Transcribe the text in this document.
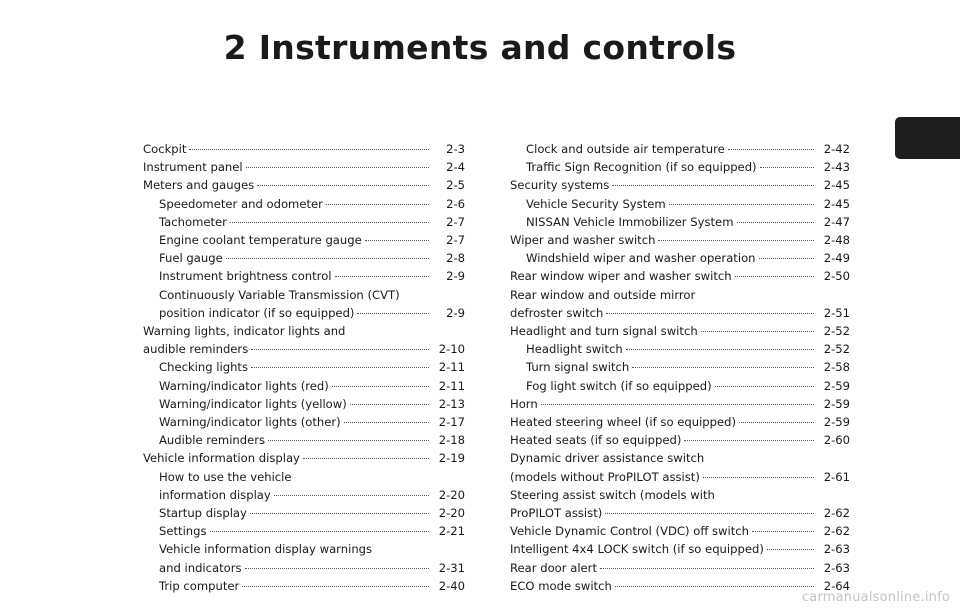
2 Instruments and controls
Cockpit	2-3
Instrument panel	2-4
Meters and gauges	2-5
Speedometer and odometer	2-6
Tachometer	2-7
Engine coolant temperature gauge	2-7
Fuel gauge	2-8
Instrument brightness control	2-9
Continuously Variable Transmission (CVT)
position indicator (if so equipped)	2-9
Warning lights, indicator lights and
audible reminders	2-10
Checking lights	2-11
Warning/indicator lights (red)	2-11
Warning/indicator lights (yellow)	2-13
Warning/indicator lights (other)	2-17
Audible reminders	2-18
Vehicle information display	2-19
How to use the vehicle
information display	2-20
Startup display	2-20
Settings	2-21
Vehicle information display warnings
and indicators	2-31
Trip computer	2-40
Clock and outside air temperature	2-42
Traffic Sign Recognition (if so equipped)	2-43
Security systems	2-45
Vehicle Security System	2-45
NISSAN Vehicle Immobilizer System	2-47
Wiper and washer switch	2-48
Windshield wiper and washer operation	2-49
Rear window wiper and washer switch	2-50
Rear window and outside mirror
defroster switch	2-51
Headlight and turn signal switch	2-52
Headlight switch	2-52
Turn signal switch	2-58
Fog light switch (if so equipped)	2-59
Horn	2-59
Heated steering wheel (if so equipped)	2-59
Heated seats (if so equipped)	2-60
Dynamic driver assistance switch
(models without ProPILOT assist)	2-61
Steering assist switch (models with
ProPILOT assist)	2-62
Vehicle Dynamic Control (VDC) off switch	2-62
Intelligent 4x4 LOCK switch (if so equipped)	2-63
Rear door alert	2-63
ECO mode switch	2-64
carmanualsonline.info
